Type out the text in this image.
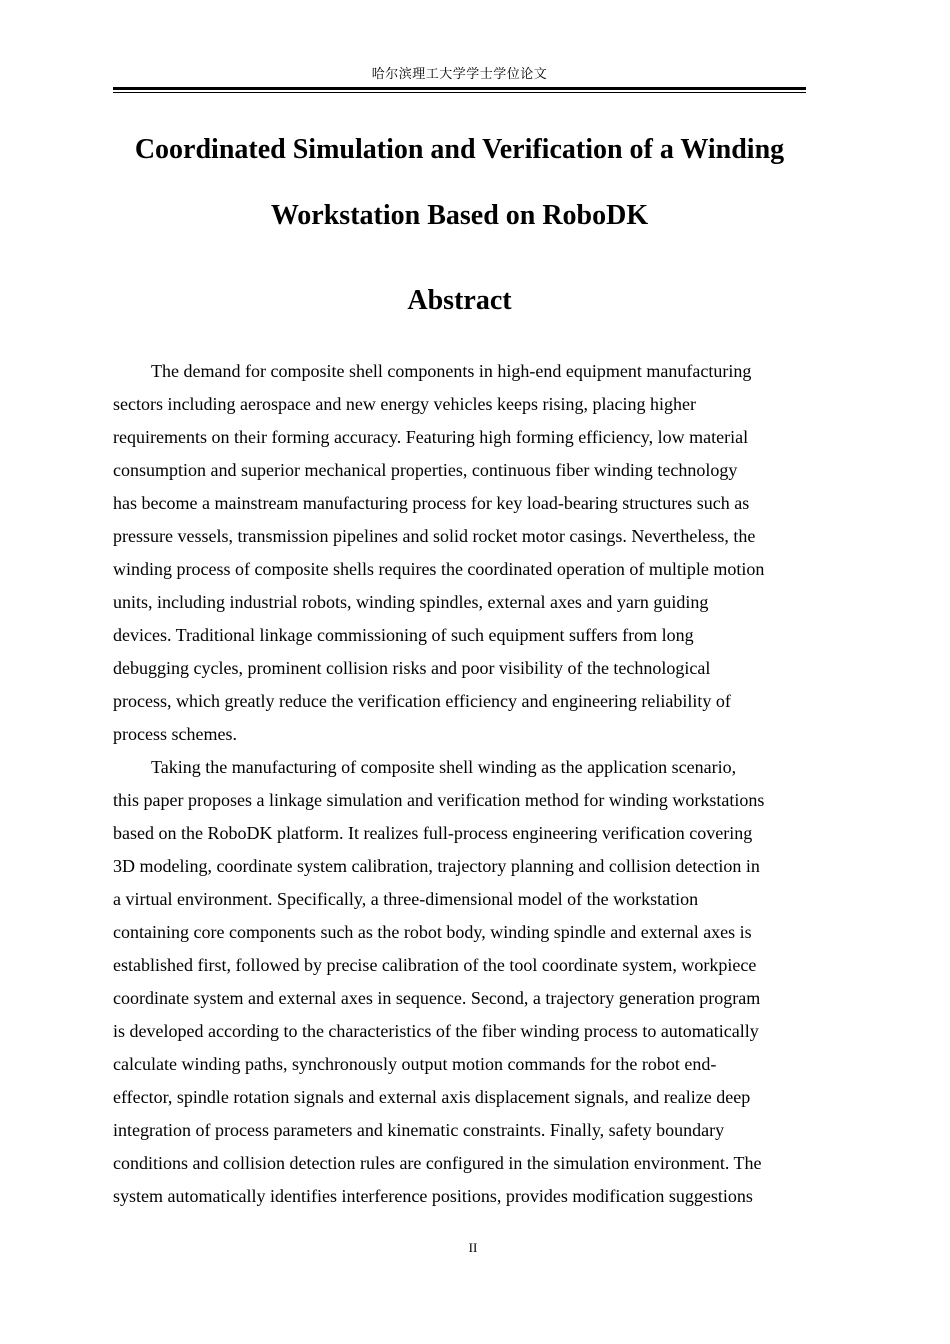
哈尔滨理工大学学士学位论文
Coordinated Simulation and Verification of a Winding
Workstation Based on RoboDK
Abstract
The demand for composite shell components in high-end equipment manufacturing
sectors including aerospace and new energy vehicles keeps rising, placing higher
requirements on their forming accuracy. Featuring high forming efficiency, low material
consumption and superior mechanical properties, continuous fiber winding technology
has become a mainstream manufacturing process for key load-bearing structures such as
pressure vessels, transmission pipelines and solid rocket motor casings. Nevertheless, the
winding process of composite shells requires the coordinated operation of multiple motion
units, including industrial robots, winding spindles, external axes and yarn guiding
devices. Traditional linkage commissioning of such equipment suffers from long
debugging cycles, prominent collision risks and poor visibility of the technological
process, which greatly reduce the verification efficiency and engineering reliability of
process schemes.
Taking the manufacturing of composite shell winding as the application scenario,
this paper proposes a linkage simulation and verification method for winding workstations
based on the RoboDK platform. It realizes full-process engineering verification covering
3D modeling, coordinate system calibration, trajectory planning and collision detection in
a virtual environment. Specifically, a three-dimensional model of the workstation
containing core components such as the robot body, winding spindle and external axes is
established first, followed by precise calibration of the tool coordinate system, workpiece
coordinate system and external axes in sequence. Second, a trajectory generation program
is developed according to the characteristics of the fiber winding process to automatically
calculate winding paths, synchronously output motion commands for the robot end-
effector, spindle rotation signals and external axis displacement signals, and realize deep
integration of process parameters and kinematic constraints. Finally, safety boundary
conditions and collision detection rules are configured in the simulation environment. The
system automatically identifies interference positions, provides modification suggestions
II
